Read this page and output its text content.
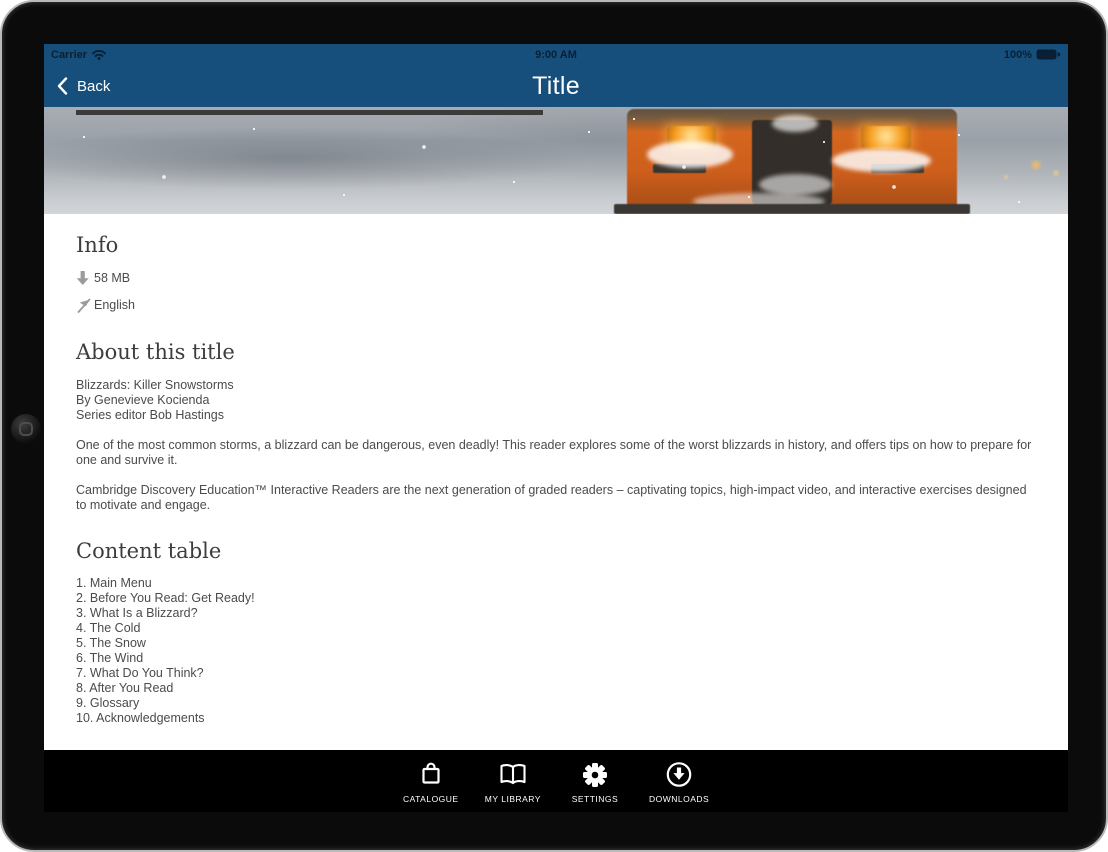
9:00 AM
Carrier	100%
Back	Title
Info
58 MB
English
About this title
Blizzards: Killer Snowstorms
By Genevieve Kocienda
Series editor Bob Hastings

One of the most common storms, a blizzard can be dangerous, even deadly! This reader explores some of the worst blizzards in history, and offers tips on how to prepare for one and survive it.

Cambridge Discovery Education™ Interactive Readers are the next generation of graded readers – captivating topics, high-impact video, and interactive exercises designed to motivate and engage.

Content table
1. Main Menu
2. Before You Read: Get Ready!
3. What Is a Blizzard?
4. The Cold
5. The Snow
6. The Wind
7. What Do You Think?
8. After You Read
9. Glossary
10. Acknowledgements
CATALOGUE	MY LIBRARY	SETTINGS	DOWNLOADS
